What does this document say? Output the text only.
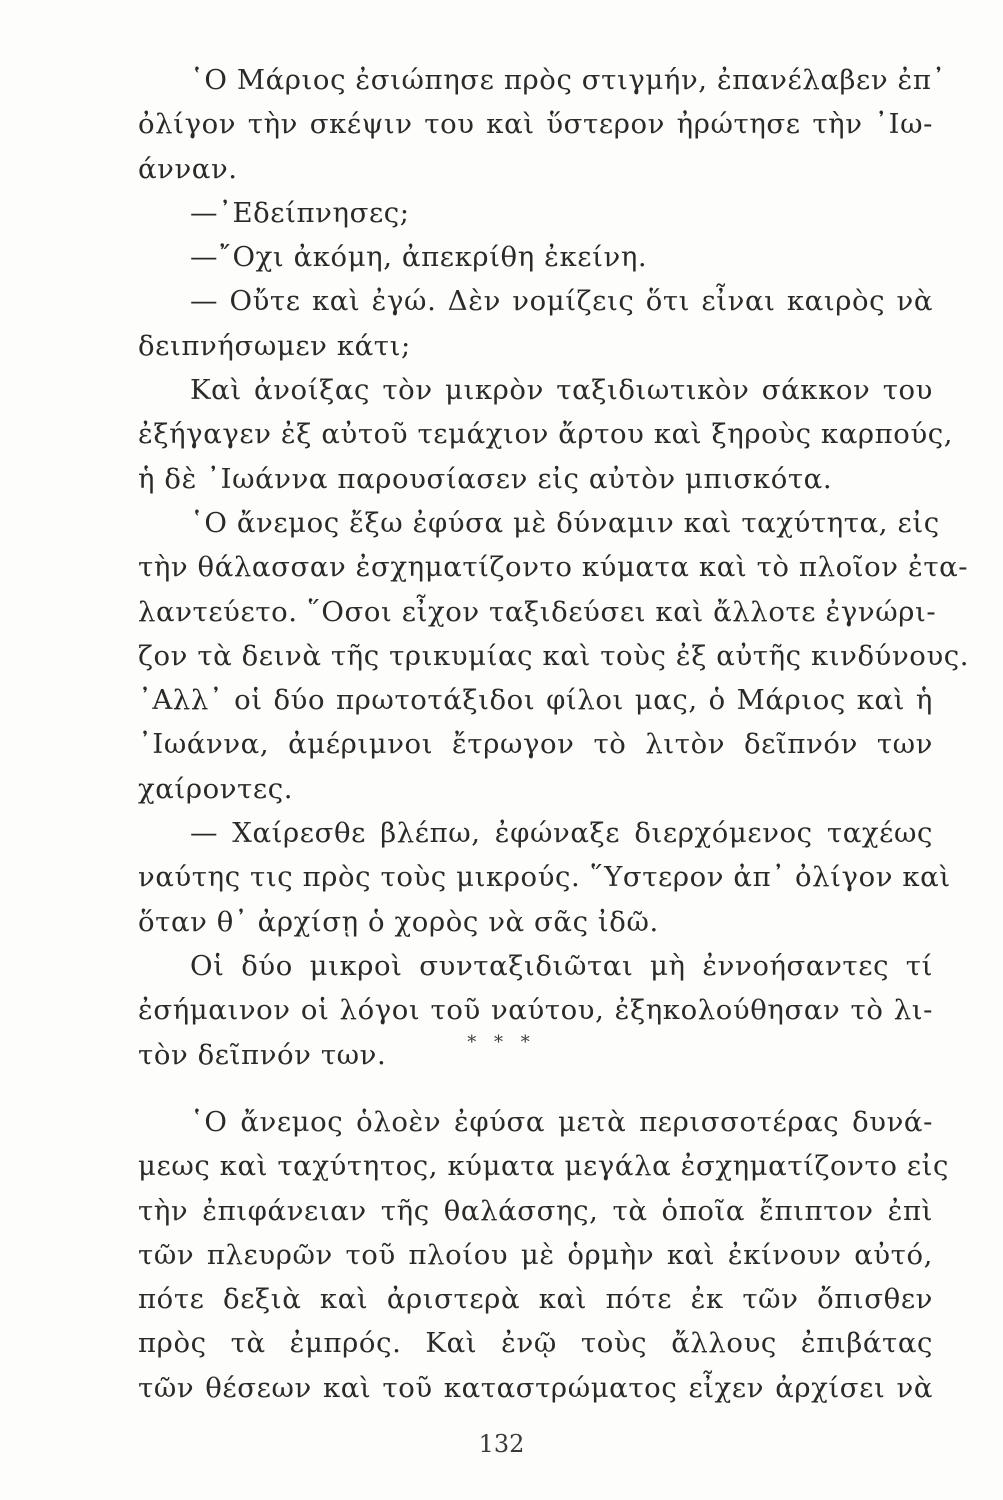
῾Ο Μάριος ἐσιώπησε πρὸς στιγμήν, ἐπανέλαβεν ἐπ᾽
ὀλίγον τὴν σκέψιν του καὶ ὕστερον ἠρώτησε τὴν ᾿Ιω-
άνναν.
—᾿Εδείπνησες;
—῎Οχι ἀκόμη, ἀπεκρίθη ἐκείνη.
— Οὔτε καὶ ἐγώ. Δὲν νομίζεις ὅτι εἶναι καιρὸς νὰ
δειπνήσωμεν κάτι;
Καὶ ἀνοίξας τὸν μικρὸν ταξιδιωτικὸν σάκκον του
ἐξήγαγεν ἐξ αὐτοῦ τεμάχιον ἄρτου καὶ ξηροὺς καρπούς,
ἡ δὲ ᾿Ιωάννα παρουσίασεν εἰς αὐτὸν μπισκότα.
῾Ο ἄνεμος ἔξω ἐφύσα μὲ δύναμιν καὶ ταχύτητα, εἰς
τὴν θάλασσαν ἐσχηματίζοντο κύματα καὶ τὸ πλοῖον ἐτα-
λαντεύετο. ῞Οσοι εἶχον ταξιδεύσει καὶ ἄλλοτε ἐγνώρι-
ζον τὰ δεινὰ τῆς τρικυμίας καὶ τοὺς ἐξ αὐτῆς κινδύνους.
᾿Αλλ᾽ οἱ δύο πρωτοτάξιδοι φίλοι μας, ὁ Μάριος καὶ ἡ
᾿Ιωάννα, ἀμέριμνοι ἔτρωγον τὸ λιτὸν δεῖπνόν των
χαίροντες.
— Χαίρεσθε βλέπω, ἐφώναξε διερχόμενος ταχέως
ναύτης τις πρὸς τοὺς μικρούς. ῞Υστερον ἀπ᾽ ὀλίγον καὶ
ὅταν θ᾽ ἀρχίσῃ ὁ χορὸς νὰ σᾶς ἰδῶ.
Οἱ δύο μικροὶ συνταξιδιῶται μὴ ἐννοήσαντες τί
ἐσήμαινον οἱ λόγοι τοῦ ναύτου, ἐξηκολούθησαν τὸ λι-
τὸν δεῖπνόν των.	* * *
῾Ο ἄνεμος ὁλοὲν ἐφύσα μετὰ περισσοτέρας δυνά-
μεως καὶ ταχύτητος, κύματα μεγάλα ἐσχηματίζοντο εἰς
τὴν ἐπιφάνειαν τῆς θαλάσσης, τὰ ὁποῖα ἔπιπτον ἐπὶ
τῶν πλευρῶν τοῦ πλοίου μὲ ὁρμὴν καὶ ἐκίνουν αὐτό,
πότε δεξιὰ καὶ ἀριστερὰ καὶ πότε ἐκ τῶν ὄπισθεν
πρὸς τὰ ἐμπρός. Καὶ ἐνῷ τοὺς ἄλλους ἐπιβάτας
τῶν θέσεων καὶ τοῦ καταστρώματος εἶχεν ἀρχίσει νὰ
132
